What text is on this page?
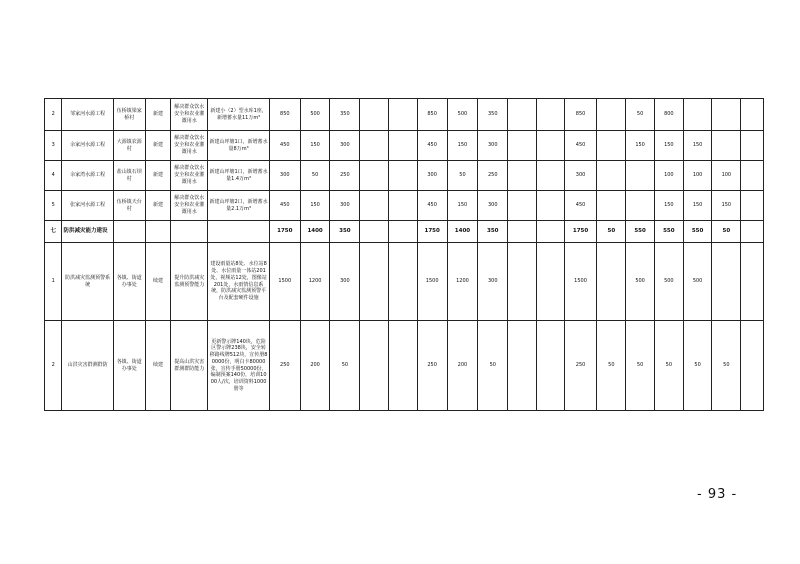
2	邹家河水源工程	伍桥镇梁家桥村	新建	解决群众饮水安全和农业灌溉用水	新建小（2）型水库1座，新增蓄水量11万m³	850	500	350			850	500	350			850		50	800			
3	余家河水源工程	大源镇农源村	新建	解决群众饮水安全和农业灌溉用水	新建山坪塘1口，新增蓄水量8万m³	450	150	300			450	150	300			450		150	150	150		
4	余家湾水源工程	盐山镇石坝村	新建	解决群众饮水安全和农业灌溉用水	新建山坪塘1口，新增蓄水量1.4万m³	300	50	250			300	50	250			300			100	100	100	
5	张家河水源工程	伍桥镇天台村	新建	解决群众饮水安全和农业灌溉用水	新建山坪塘2口，新增蓄水量2.1万m³	450	150	300			450	150	300			450			150	150	150	
七	防洪减灾能力建设					1750	1400	350			1750	1400	350			1750	50	550	550	550	50	
1	防洪减灾监测预警系统	各镇、街道办事处	续建	提升防洪减灾监测预警能力	建设雨量站8处、水位站8处、水位雨量一体站201处，视频站12处，图像站201处，水雨情信息系统，防洪减灾监测预警平台及配套硬件设施	1500	1200	300			1500	1200	300			1500		500	500	500		
2	山洪灾害群测群防	各镇、街道办事处	续建	提高山洪灾害群测群防能力	更新警示牌140块，危险区警示牌238块，安全转移路线牌512块，宣传册80000份，明白卡80000张，宣传手册50000份，编制预案140份，培训1000人/次，培训资料1000册等	250	200	50			250	200	50			250	50	50	50	50	50	
- 93 -
